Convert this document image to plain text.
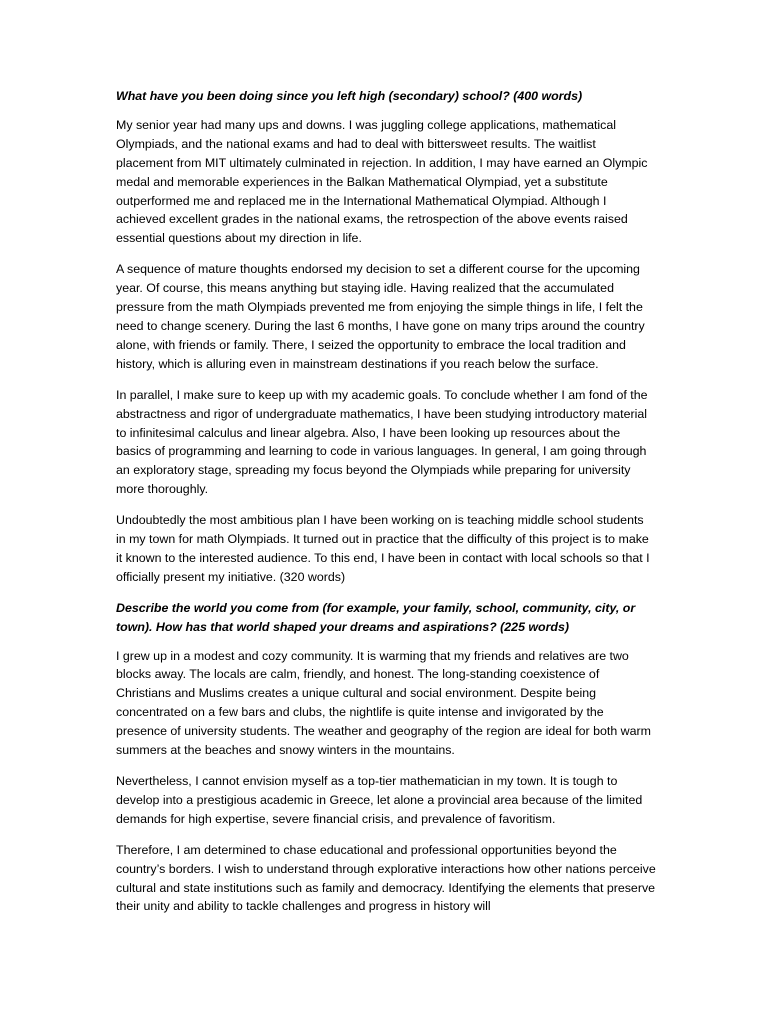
What have you been doing since you left high (secondary) school? (400 words)

My senior year had many ups and downs. I was juggling college applications, mathematical Olympiads, and the national exams and had to deal with bittersweet results. The waitlist placement from MIT ultimately culminated in rejection. In addition, I may have earned an Olympic medal and memorable experiences in the Balkan Mathematical Olympiad, yet a substitute outperformed me and replaced me in the International Mathematical Olympiad. Although I achieved excellent grades in the national exams, the retrospection of the above events raised essential questions about my direction in life.

A sequence of mature thoughts endorsed my decision to set a different course for the upcoming year. Of course, this means anything but staying idle. Having realized that the accumulated pressure from the math Olympiads prevented me from enjoying the simple things in life, I felt the need to change scenery. During the last 6 months, I have gone on many trips around the country alone, with friends or family. There, I seized the opportunity to embrace the local tradition and history, which is alluring even in mainstream destinations if you reach below the surface.

In parallel, I make sure to keep up with my academic goals. To conclude whether I am fond of the abstractness and rigor of undergraduate mathematics, I have been studying introductory material to infinitesimal calculus and linear algebra. Also, I have been looking up resources about the basics of programming and learning to code in various languages. In general, I am going through an exploratory stage, spreading my focus beyond the Olympiads while preparing for university more thoroughly.

Undoubtedly the most ambitious plan I have been working on is teaching middle school students in my town for math Olympiads. It turned out in practice that the difficulty of this project is to make it known to the interested audience. To this end, I have been in contact with local schools so that I officially present my initiative. (320 words)

Describe the world you come from (for example, your family, school, community, city, or town). How has that world shaped your dreams and aspirations? (225 words)

I grew up in a modest and cozy community. It is warming that my friends and relatives are two blocks away. The locals are calm, friendly, and honest. The long-standing coexistence of Christians and Muslims creates a unique cultural and social environment. Despite being concentrated on a few bars and clubs, the nightlife is quite intense and invigorated by the presence of university students. The weather and geography of the region are ideal for both warm summers at the beaches and snowy winters in the mountains.

Nevertheless, I cannot envision myself as a top-tier mathematician in my town. It is tough to develop into a prestigious academic in Greece, let alone a provincial area because of the limited demands for high expertise, severe financial crisis, and prevalence of favoritism.

Therefore, I am determined to chase educational and professional opportunities beyond the country’s borders. I wish to understand through explorative interactions how other nations perceive cultural and state institutions such as family and democracy. Identifying the elements that preserve their unity and ability to tackle challenges and progress in history will
